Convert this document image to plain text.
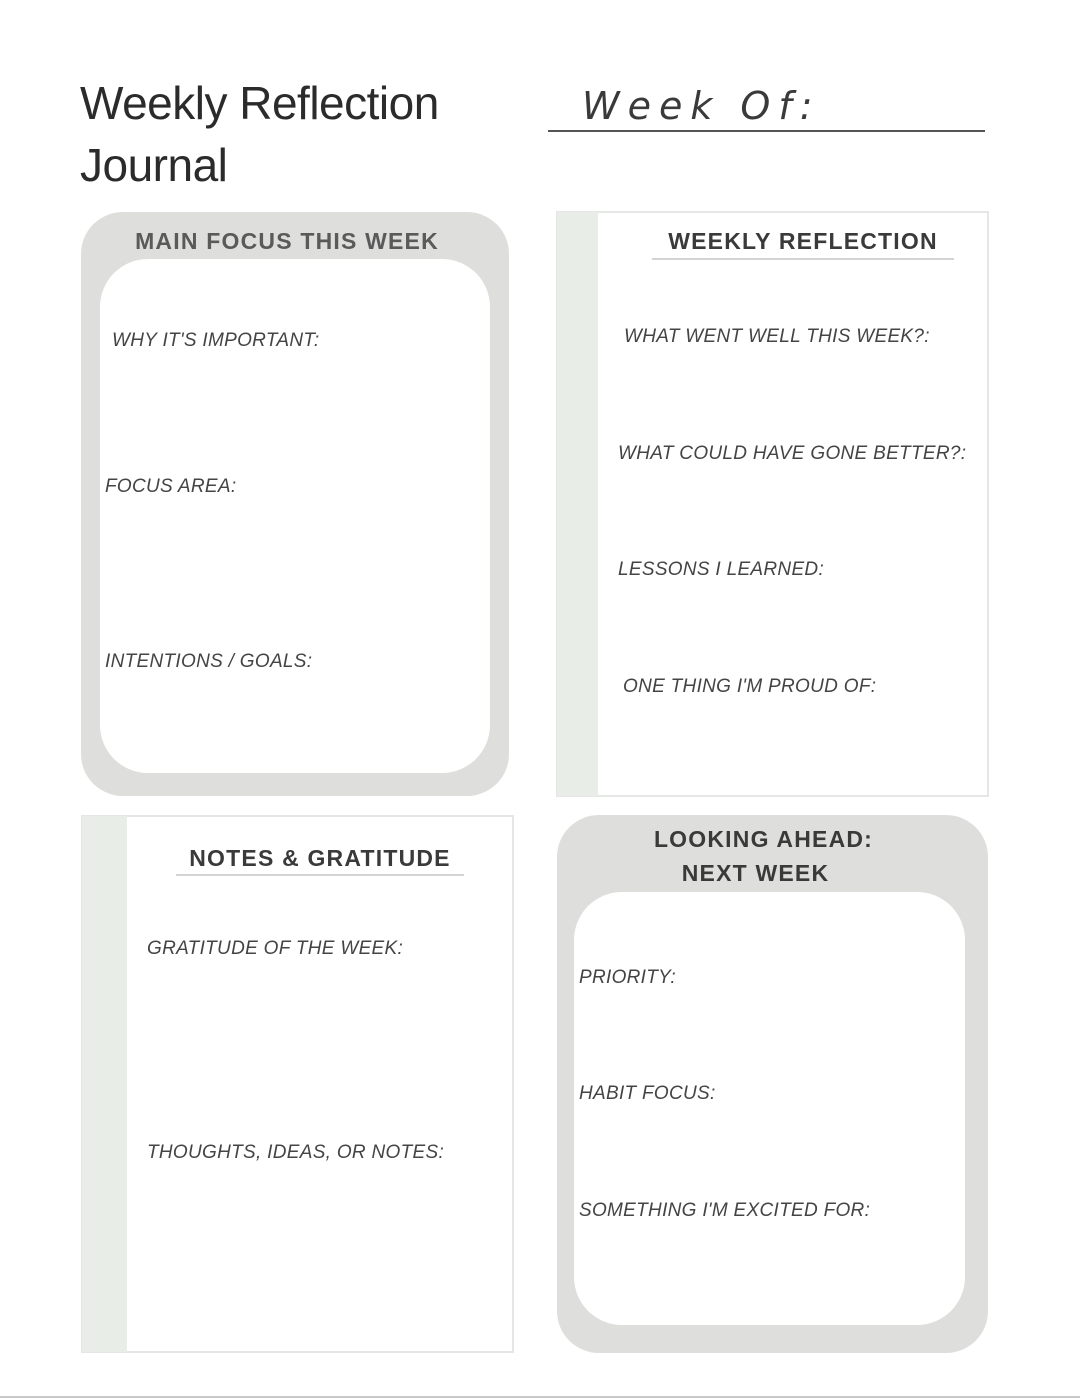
Weekly Reflection
Journal
Week Of:
MAIN FOCUS THIS WEEK
WHY IT'S IMPORTANT:
FOCUS AREA:
INTENTIONS / GOALS:
WEEKLY REFLECTION
WHAT WENT WELL THIS WEEK?:
WHAT COULD HAVE GONE BETTER?:
LESSONS I LEARNED:
ONE THING I'M PROUD OF:
NOTES & GRATITUDE
GRATITUDE OF THE WEEK:
THOUGHTS, IDEAS, OR NOTES:
LOOKING AHEAD:
NEXT WEEK
PRIORITY:
HABIT FOCUS:
SOMETHING I'M EXCITED FOR:
